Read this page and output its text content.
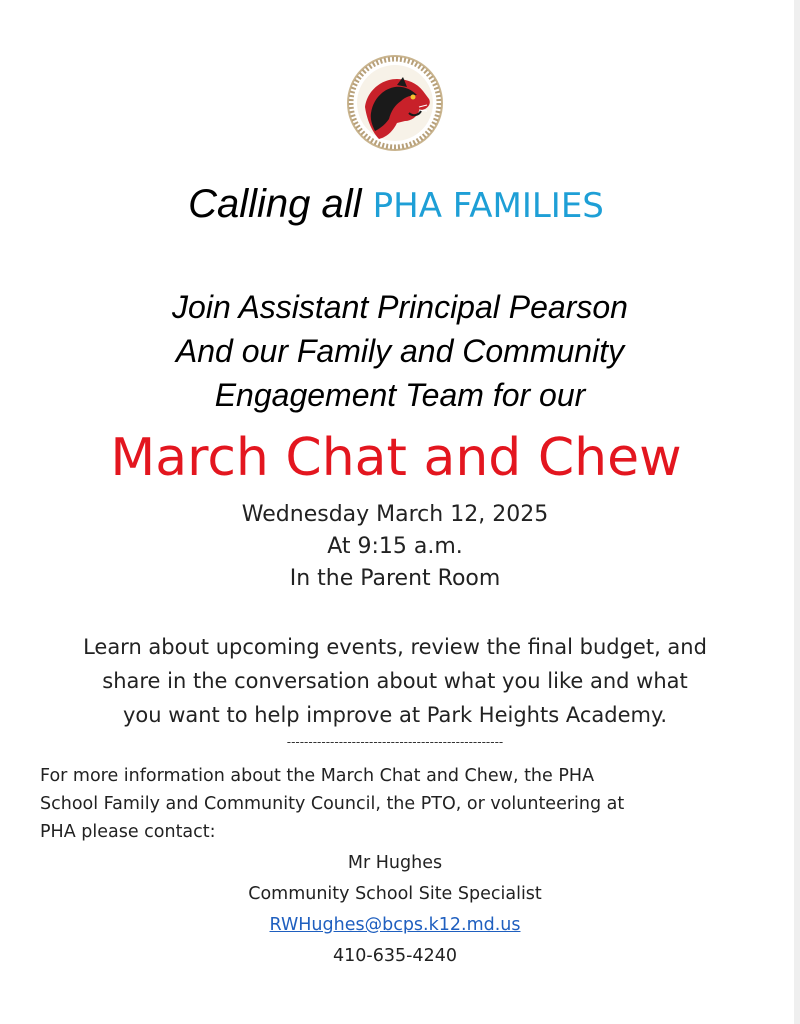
Calling all PHA FAMILIES
Join Assistant Principal Pearson
And our Family and Community
Engagement Team for our
March Chat and Chew
Wednesday March 12, 2025
At 9:15 a.m.
In the Parent Room
Learn about upcoming events, review the final budget, and
share in the conversation about what you like and what
you want to help improve at Park Heights Academy.
--------------------------------------------------
For more information about the March Chat and Chew, the PHA
School Family and Community Council, the PTO, or volunteering at
PHA please contact:
Mr Hughes
Community School Site Specialist
RWHughes@bcps.k12.md.us
410-635-4240
